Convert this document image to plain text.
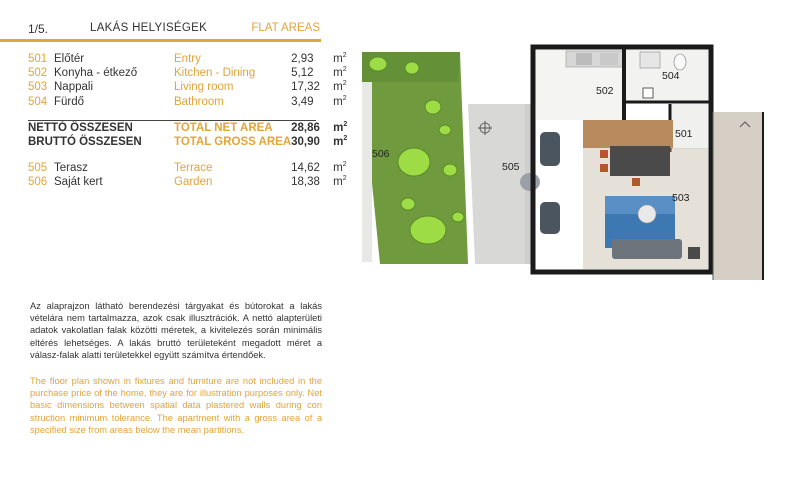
1/5.	LAKÁS HELYISÉGEK	FLAT AREAS
501	Előtér	Entry	2,93	$m^2$
502	Konyha - étkező	Kitchen - Dining	5,12	$m^2$
503	Nappali	Living room	17,32	$m^2$
504	Fürdő	Bathroom	3,49	$m^2$

NETTÓ ÖSSZESEN		TOTAL NET AREA	28,86	$m^2$
BRUTTÓ ÖSSZESEN		TOTAL GROSS AREA	30,90	$m^2$

505	Terasz	Terrace	14,62	$m^2$
506	Saját kert	Garden	18,38	$m^2$
Az alaprajzon látható berendezési tárgyakat és bútorokat a lakás vételára nem tartalmazza, azok csak illusztrációk. A nettó alapterületi adatok vakolatlan falak közötti méretek, a kivitelezés során minimális eltérés lehetséges. A lakás bruttó területeként megadott méret a válasz-falak alatti területekkel együtt számítva értendőek.
The floor plan shown in fixtures and furniture are not included in the purchase price of the home, they are for illustration purposes only. Net basic dimensions between spatial data plastered walls during con struction minimum tolerance. The apartment with a gross area of a specified size from areas below the mean partitions.
502
504
501
503
505
506
